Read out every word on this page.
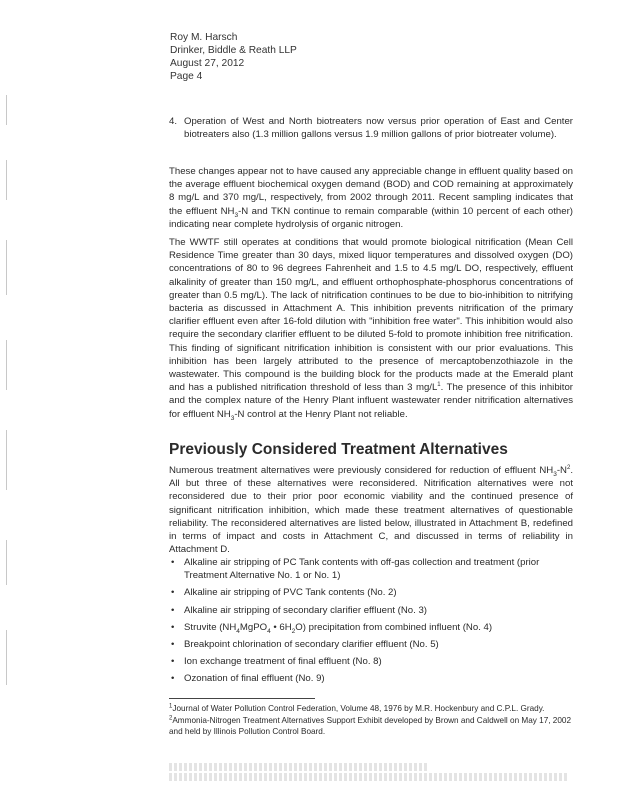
Roy M. Harsch
Drinker, Biddle & Reath LLP
August 27, 2012
Page 4
4. Operation of West and North biotreaters now versus prior operation of East and Center biotreaters also (1.3 million gallons versus 1.9 million gallons of prior biotreater volume).

These changes appear not to have caused any appreciable change in effluent quality based on the average effluent biochemical oxygen demand (BOD) and COD remaining at approximately 8 mg/L and 370 mg/L, respectively, from 2002 through 2011. Recent sampling indicates that the effluent $NH_3-N$ and TKN continue to remain comparable (within 10 percent of each other) indicating near complete hydrolysis of organic nitrogen.

The WWTF still operates at conditions that would promote biological nitrification (Mean Cell Residence Time greater than 30 days, mixed liquor temperatures and dissolved oxygen (DO) concentrations of 80 to 96 degrees Fahrenheit and 1.5 to 4.5 mg/L DO, respectively, effluent alkalinity of greater than 150 mg/L, and effluent orthophosphate-phosphorus concentrations of greater than 0.5 mg/L). The lack of nitrification continues to be due to bio-inhibition to nitrifying bacteria as discussed in Attachment A. This inhibition prevents nitrification of the primary clarifier effluent even after 16-fold dilution with "inhibition free water". This inhibition would also require the secondary clarifier effluent to be diluted 5-fold to promote inhibition free nitrification. This finding of significant nitrification inhibition is consistent with our prior evaluations. This inhibition has been largely attributed to the presence of mercaptobenzothiazole in the wastewater. This compound is the building block for the products made at the Emerald plant and has a published nitrification threshold of less than 3 $mg/L^1$. The presence of this inhibitor and the complex nature of the Henry Plant influent wastewater render nitrification alternatives for effluent $NH_3-N$ control at the Henry Plant not reliable.

Previously Considered Treatment Alternatives

Numerous treatment alternatives were previously considered for reduction of effluent $NH_3-N^2$. All but three of these alternatives were reconsidered. Nitrification alternatives were not reconsidered due to their prior poor economic viability and the continued presence of significant nitrification inhibition, which made these treatment alternatives of questionable reliability. The reconsidered alternatives are listed below, illustrated in Attachment B, redefined in terms of impact and costs in Attachment C, and discussed in terms of reliability in Attachment D.

• Alkaline air stripping of PC Tank contents with off-gas collection and treatment (prior Treatment Alternative No. 1 or No. 1)
• Alkaline air stripping of PVC Tank contents (No. 2)
• Alkaline air stripping of secondary clarifier effluent (No. 3)
• Struvite ($NH_4MgPO_4$ • $6H_2O$) precipitation from combined influent (No. 4)
• Breakpoint chlorination of secondary clarifier effluent (No. 5)
• Ion exchange treatment of final effluent (No. 8)
• Ozonation of final effluent (No. 9)
$^1$Journal of Water Pollution Control Federation, Volume 48, 1976 by M.R. Hockenbury and C.P.L. Grady.
$^2$Ammonia-Nitrogen Treatment Alternatives Support Exhibit developed by Brown and Caldwell on May 17, 2002 and held by Illinois Pollution Control Board.
